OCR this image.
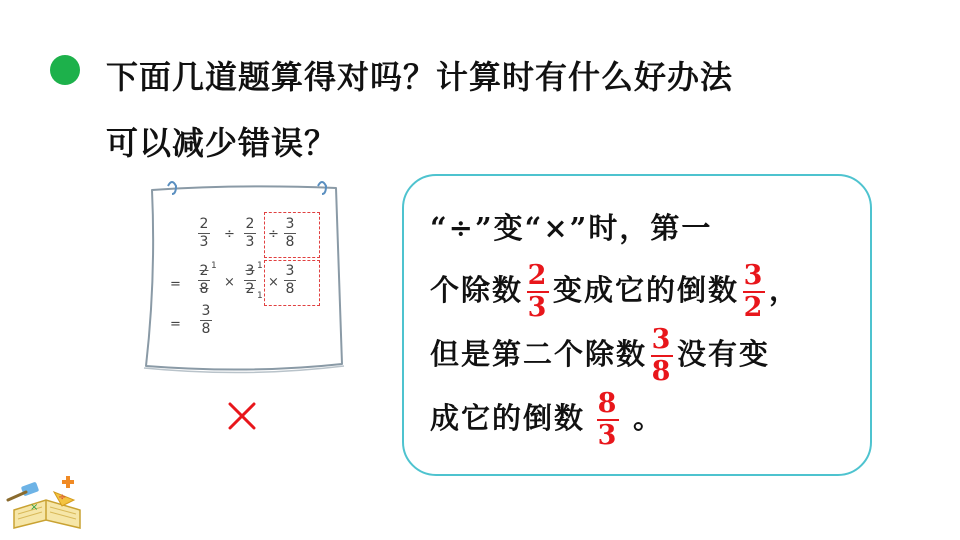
下面几道题算得对吗？计算时有什么好办法
可以减少错误？
2
3 ÷
2
3 ÷
3
8
=
2
8
1
×
3
2
1
1
×
3
8
=
3
8
“÷”变“×”时，第一
个除数 $\frac{2}{3}$ 变成它的倒数 $\frac{3}{2}$ ，
但是第二个除数 $\frac{3}{8}$ 没有变
成它的倒数 $\frac{8}{3}$ 。
×
÷
